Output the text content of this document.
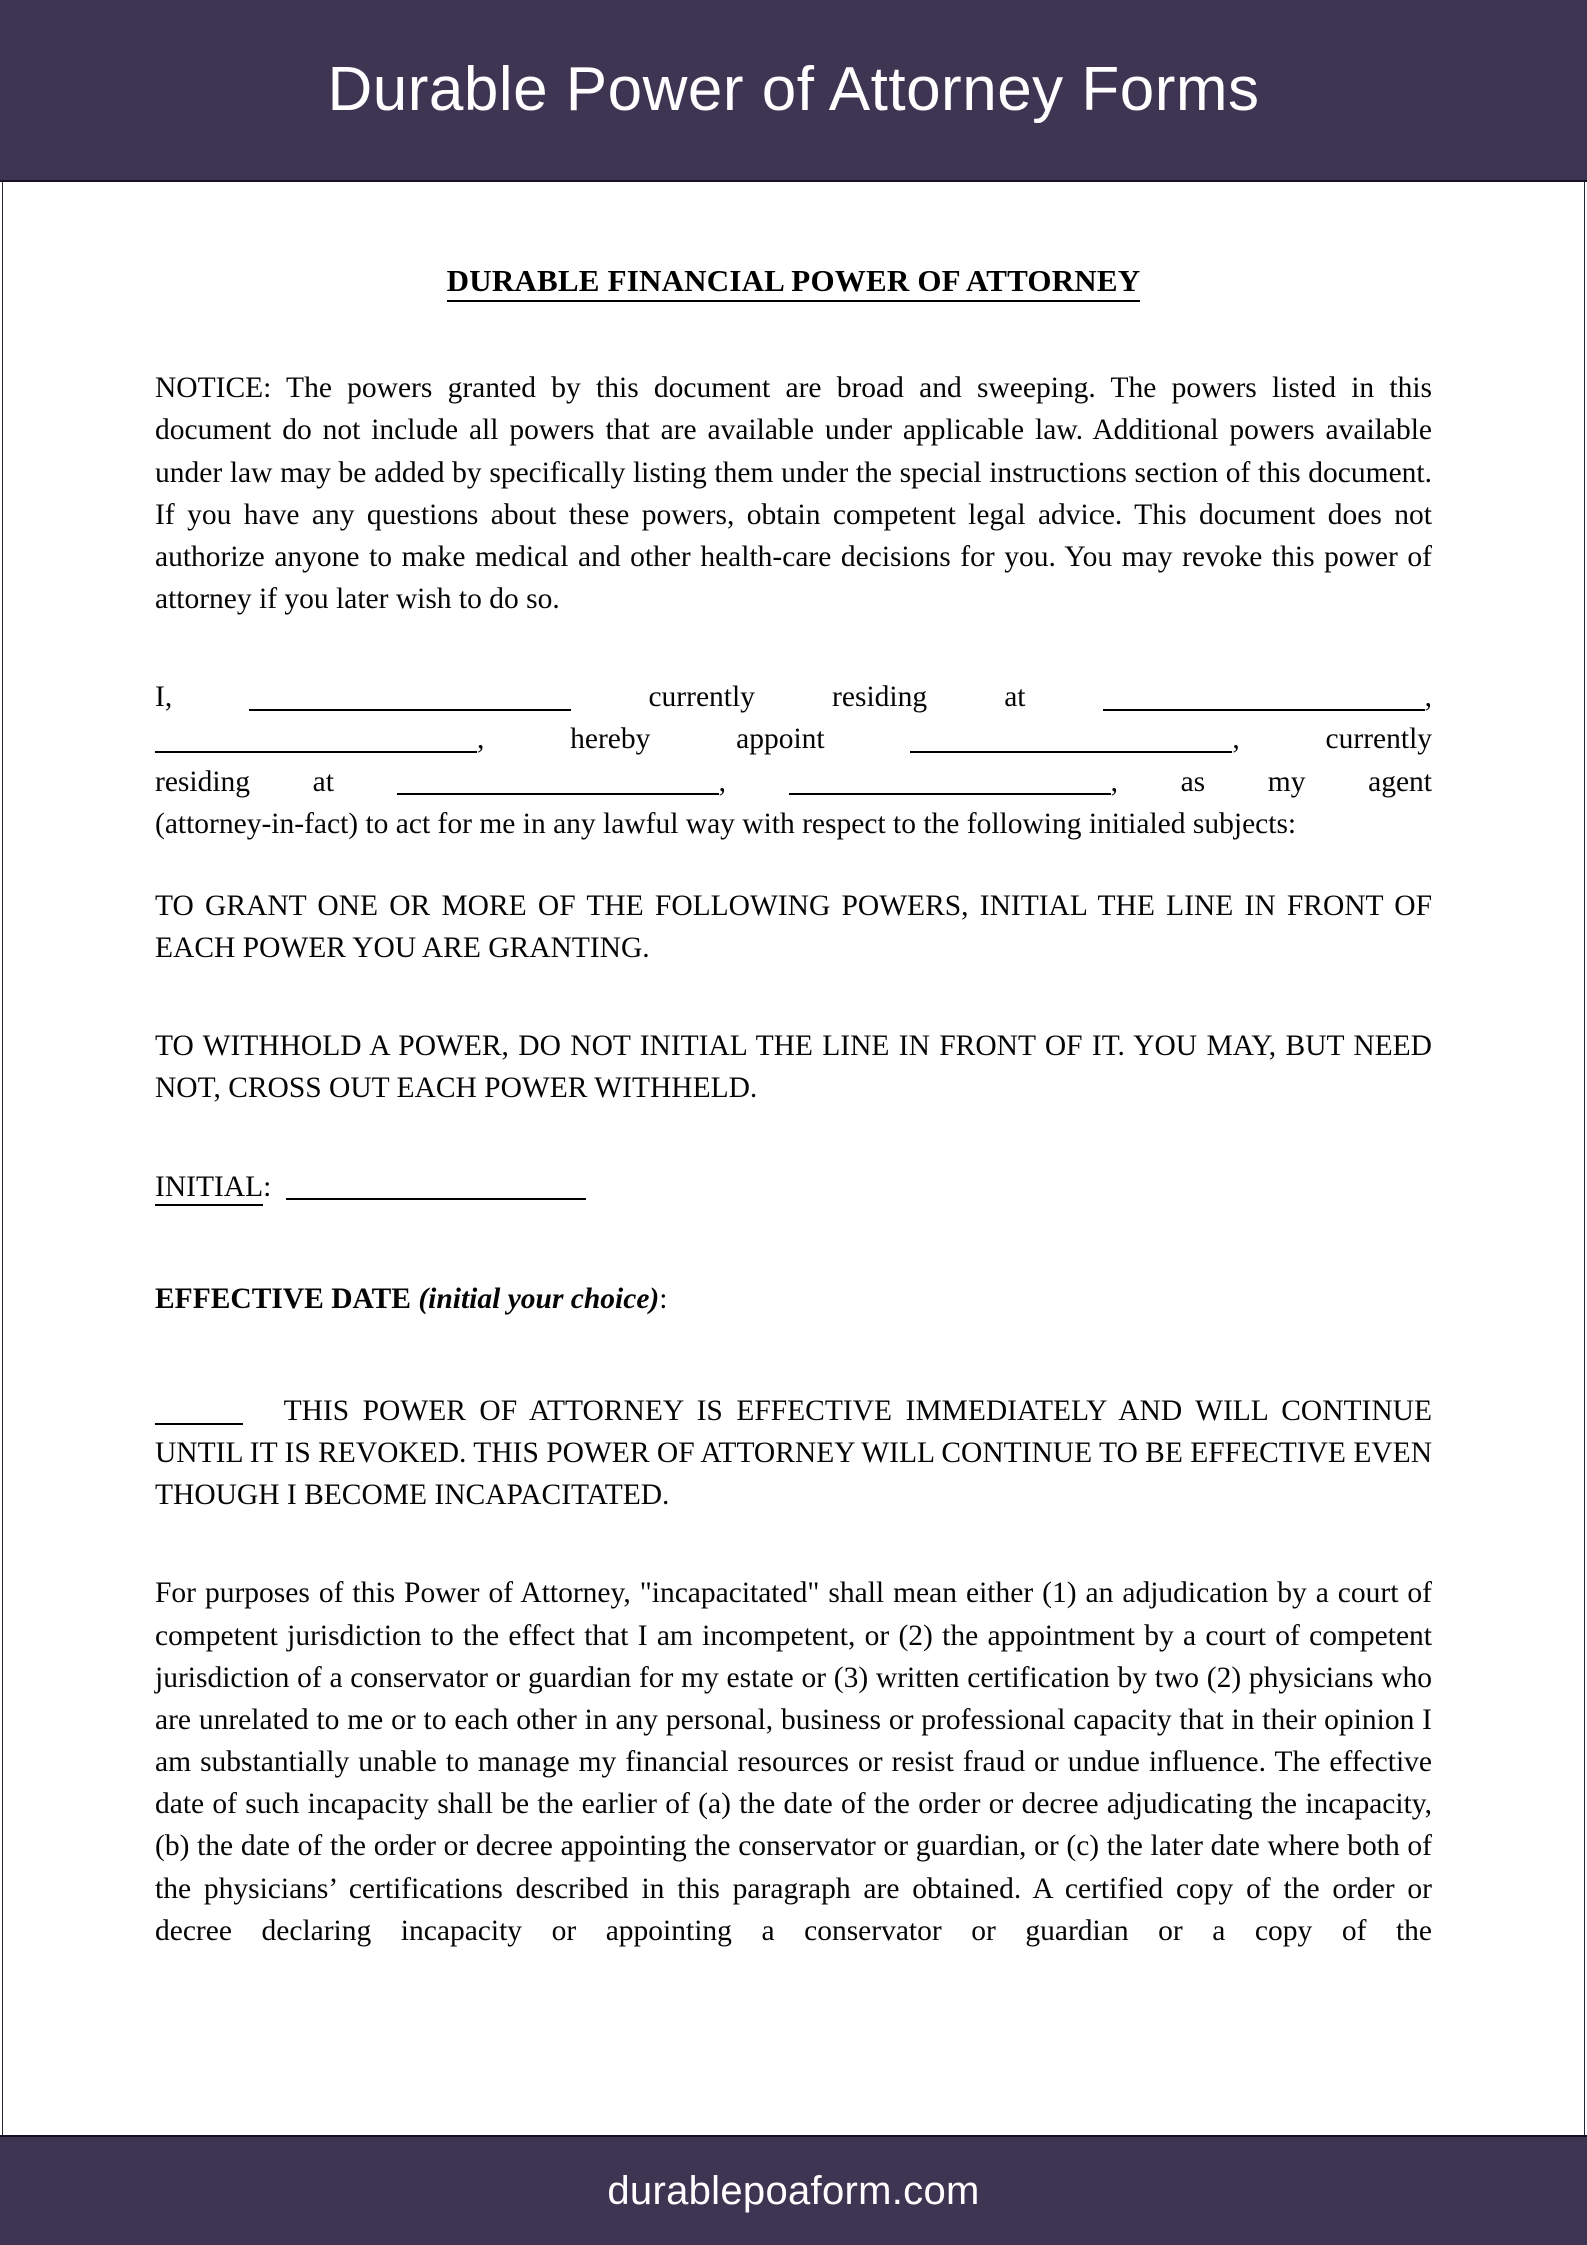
Durable Power of Attorney Forms
DURABLE FINANCIAL POWER OF ATTORNEY

NOTICE: The powers granted by this document are broad and sweeping. The powers listed in this document do not include all powers that are available under applicable law. Additional powers available under law may be added by specifically listing them under the special instructions section of this document. If you have any questions about these powers, obtain competent legal advice. This document does not authorize anyone to make medical and other health-care decisions for you. You may revoke this power of attorney if you later wish to do so.

I,	currently residing at	,

, hereby appoint	, currently

residing at	,	, as my agent

(attorney-in-fact) to act for me in any lawful way with respect to the following initialed subjects:

TO GRANT ONE OR MORE OF THE FOLLOWING POWERS, INITIAL THE LINE IN FRONT OF EACH POWER YOU ARE GRANTING.

TO WITHHOLD A POWER, DO NOT INITIAL THE LINE IN FRONT OF IT. YOU MAY, BUT NEED NOT, CROSS OUT EACH POWER WITHHELD.

INITIAL:

EFFECTIVE DATE (initial your choice):

THIS POWER OF ATTORNEY IS EFFECTIVE IMMEDIATELY AND WILL CONTINUE UNTIL IT IS REVOKED. THIS POWER OF ATTORNEY WILL CONTINUE TO BE EFFECTIVE EVEN THOUGH I BECOME INCAPACITATED.

For purposes of this Power of Attorney, "incapacitated" shall mean either (1) an adjudication by a court of competent jurisdiction to the effect that I am incompetent, or (2) the appointment by a court of competent jurisdiction of a conservator or guardian for my estate or (3) written certification by two (2) physicians who are unrelated to me or to each other in any personal, business or professional capacity that in their opinion I am substantially unable to manage my financial resources or resist fraud or undue influence. The effective date of such incapacity shall be the earlier of (a) the date of the order or decree adjudicating the incapacity, (b) the date of the order or decree appointing the conservator or guardian, or (c) the later date where both of the physicians’ certifications described in this paragraph are obtained. A certified copy of the order or decree declaring incapacity or appointing a conservator or guardian or a copy of the

durablepoaform.com
